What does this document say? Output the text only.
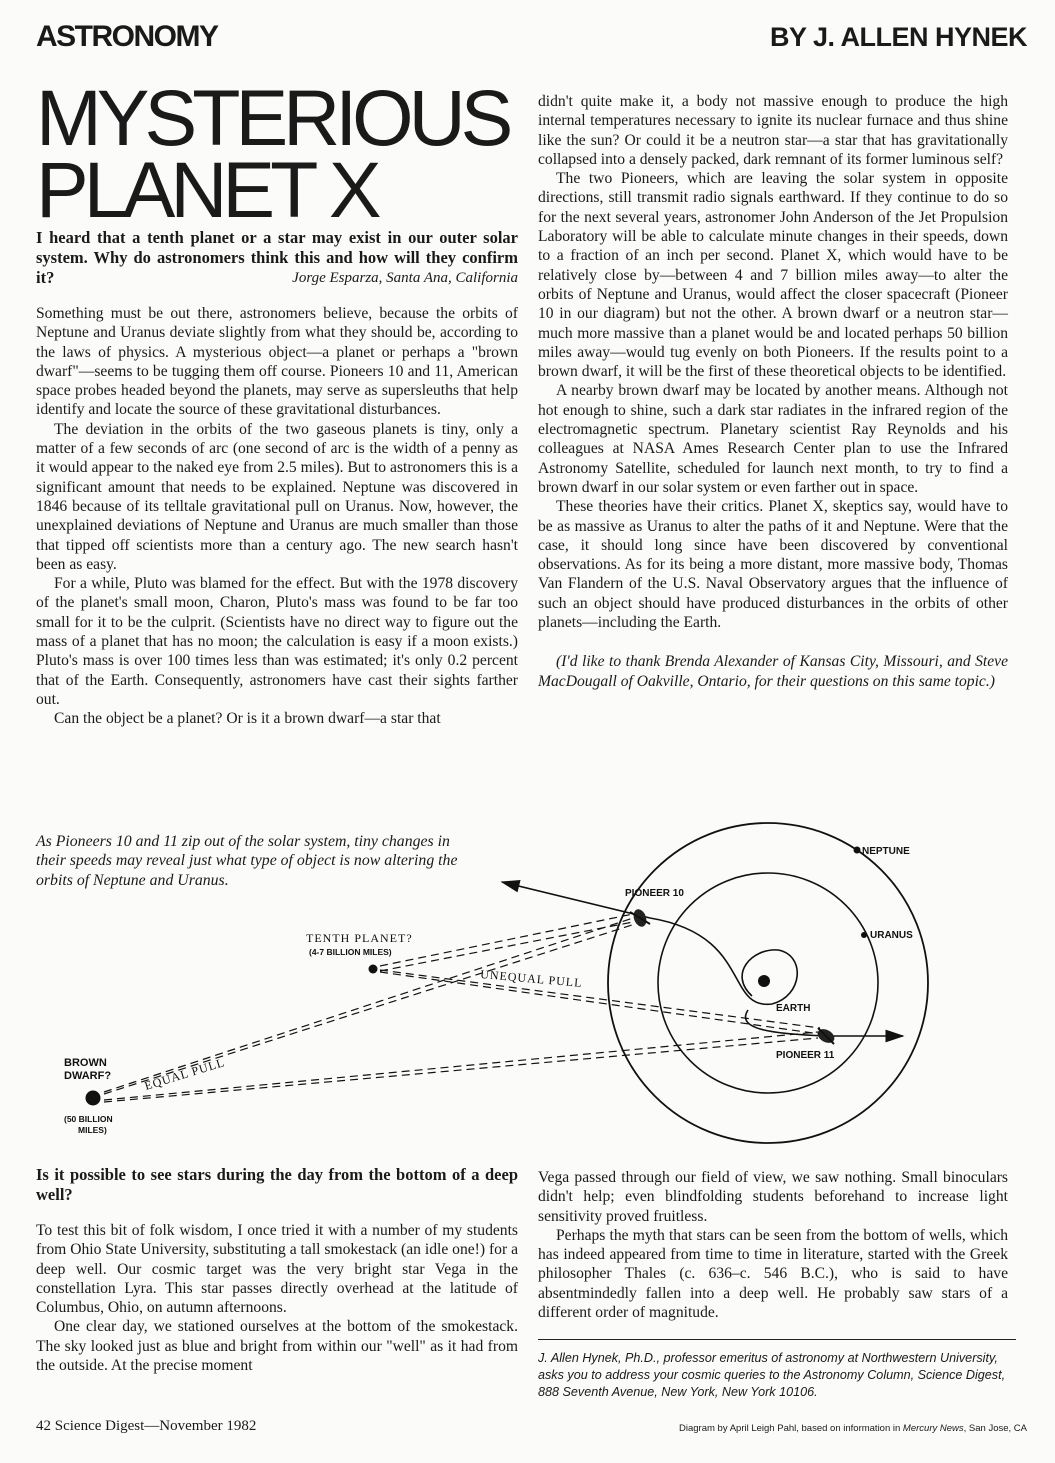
ASTRONOMY	BY J. ALLEN HYNEK
MYSTERIOUS
PLANET X

I heard that a tenth planet or a star may exist in our outer solar system. Why do astronomers think this and how will they confirm it?	Jorge Esparza, Santa Ana, California

Something must be out there, astronomers believe, because the orbits of Neptune and Uranus deviate slightly from what they should be, according to the laws of physics. A mysterious object—a planet or perhaps a "brown dwarf"—seems to be tugging them off course. Pioneers 10 and 11, American space probes headed beyond the planets, may serve as supersleuths that help identify and locate the source of these gravitational disturbances.

The deviation in the orbits of the two gaseous planets is tiny, only a matter of a few seconds of arc (one second of arc is the width of a penny as it would appear to the naked eye from 2.5 miles). But to astronomers this is a significant amount that needs to be explained. Neptune was discovered in 1846 because of its telltale gravitational pull on Uranus. Now, however, the unexplained deviations of Neptune and Uranus are much smaller than those that tipped off scientists more than a century ago. The new search hasn't been as easy.

For a while, Pluto was blamed for the effect. But with the 1978 discovery of the planet's small moon, Charon, Pluto's mass was found to be far too small for it to be the culprit. (Scientists have no direct way to figure out the mass of a planet that has no moon; the calculation is easy if a moon exists.) Pluto's mass is over 100 times less than was estimated; it's only 0.2 percent that of the Earth. Consequently, astronomers have cast their sights farther out.

Can the object be a planet? Or is it a brown dwarf—a star that

didn't quite make it, a body not massive enough to produce the high internal temperatures necessary to ignite its nuclear furnace and thus shine like the sun? Or could it be a neutron star—a star that has gravitationally collapsed into a densely packed, dark remnant of its former luminous self?

The two Pioneers, which are leaving the solar system in opposite directions, still transmit radio signals earthward. If they continue to do so for the next several years, astronomer John Anderson of the Jet Propulsion Laboratory will be able to calculate minute changes in their speeds, down to a fraction of an inch per second. Planet X, which would have to be relatively close by—between 4 and 7 billion miles away—to alter the orbits of Neptune and Uranus, would affect the closer spacecraft (Pioneer 10 in our diagram) but not the other. A brown dwarf or a neutron star—much more massive than a planet would be and located perhaps 50 billion miles away—would tug evenly on both Pioneers. If the results point to a brown dwarf, it will be the first of these theoretical objects to be identified.

A nearby brown dwarf may be located by another means. Although not hot enough to shine, such a dark star radiates in the infrared region of the electromagnetic spectrum. Planetary scientist Ray Reynolds and his colleagues at NASA Ames Research Center plan to use the Infrared Astronomy Satellite, scheduled for launch next month, to try to find a brown dwarf in our solar system or even farther out in space.

These theories have their critics. Planet X, skeptics say, would have to be as massive as Uranus to alter the paths of it and Neptune. Were that the case, it should long since have been discovered by conventional observations. As for its being a more distant, more massive body, Thomas Van Flandern of the U.S. Naval Observatory argues that the influence of such an object should have produced disturbances in the orbits of other planets—including the Earth.

(I'd like to thank Brenda Alexander of Kansas City, Missouri, and Steve MacDougall of Oakville, Ontario, for their questions on this same topic.)

As Pioneers 10 and 11 zip out of the solar system, tiny changes in their speeds may reveal just what type of object is now altering the orbits of Neptune and Uranus.

NEPTUNE
URANUS
EARTH
PIONEER 10
PIONEER 11
TENTH PLANET?
(4-7 BILLION MILES)
UNEQUAL PULL
BROWN
DWARF?	EQUAL PULL
(50 BILLION
MILES)

Is it possible to see stars during the day from the bottom of a deep well?

To test this bit of folk wisdom, I once tried it with a number of my students from Ohio State University, substituting a tall smokestack (an idle one!) for a deep well. Our cosmic target was the very bright star Vega in the constellation Lyra. This star passes directly overhead at the latitude of Columbus, Ohio, on autumn afternoons.

One clear day, we stationed ourselves at the bottom of the smokestack. The sky looked just as blue and bright from within our "well" as it had from the outside. At the precise moment

Vega passed through our field of view, we saw nothing. Small binoculars didn't help; even blindfolding students beforehand to increase light sensitivity proved fruitless.

Perhaps the myth that stars can be seen from the bottom of wells, which has indeed appeared from time to time in literature, started with the Greek philosopher Thales (c. 636–c. 546 B.C.), who is said to have absentmindedly fallen into a deep well. He probably saw stars of a different order of magnitude.

J. Allen Hynek, Ph.D., professor emeritus of astronomy at Northwestern University, asks you to address your cosmic queries to the Astronomy Column, Science Digest, 888 Seventh Avenue, New York, New York 10106.

42 Science Digest—November 1982	Diagram by April Leigh Pahl, based on information in Mercury News, San Jose, CA
